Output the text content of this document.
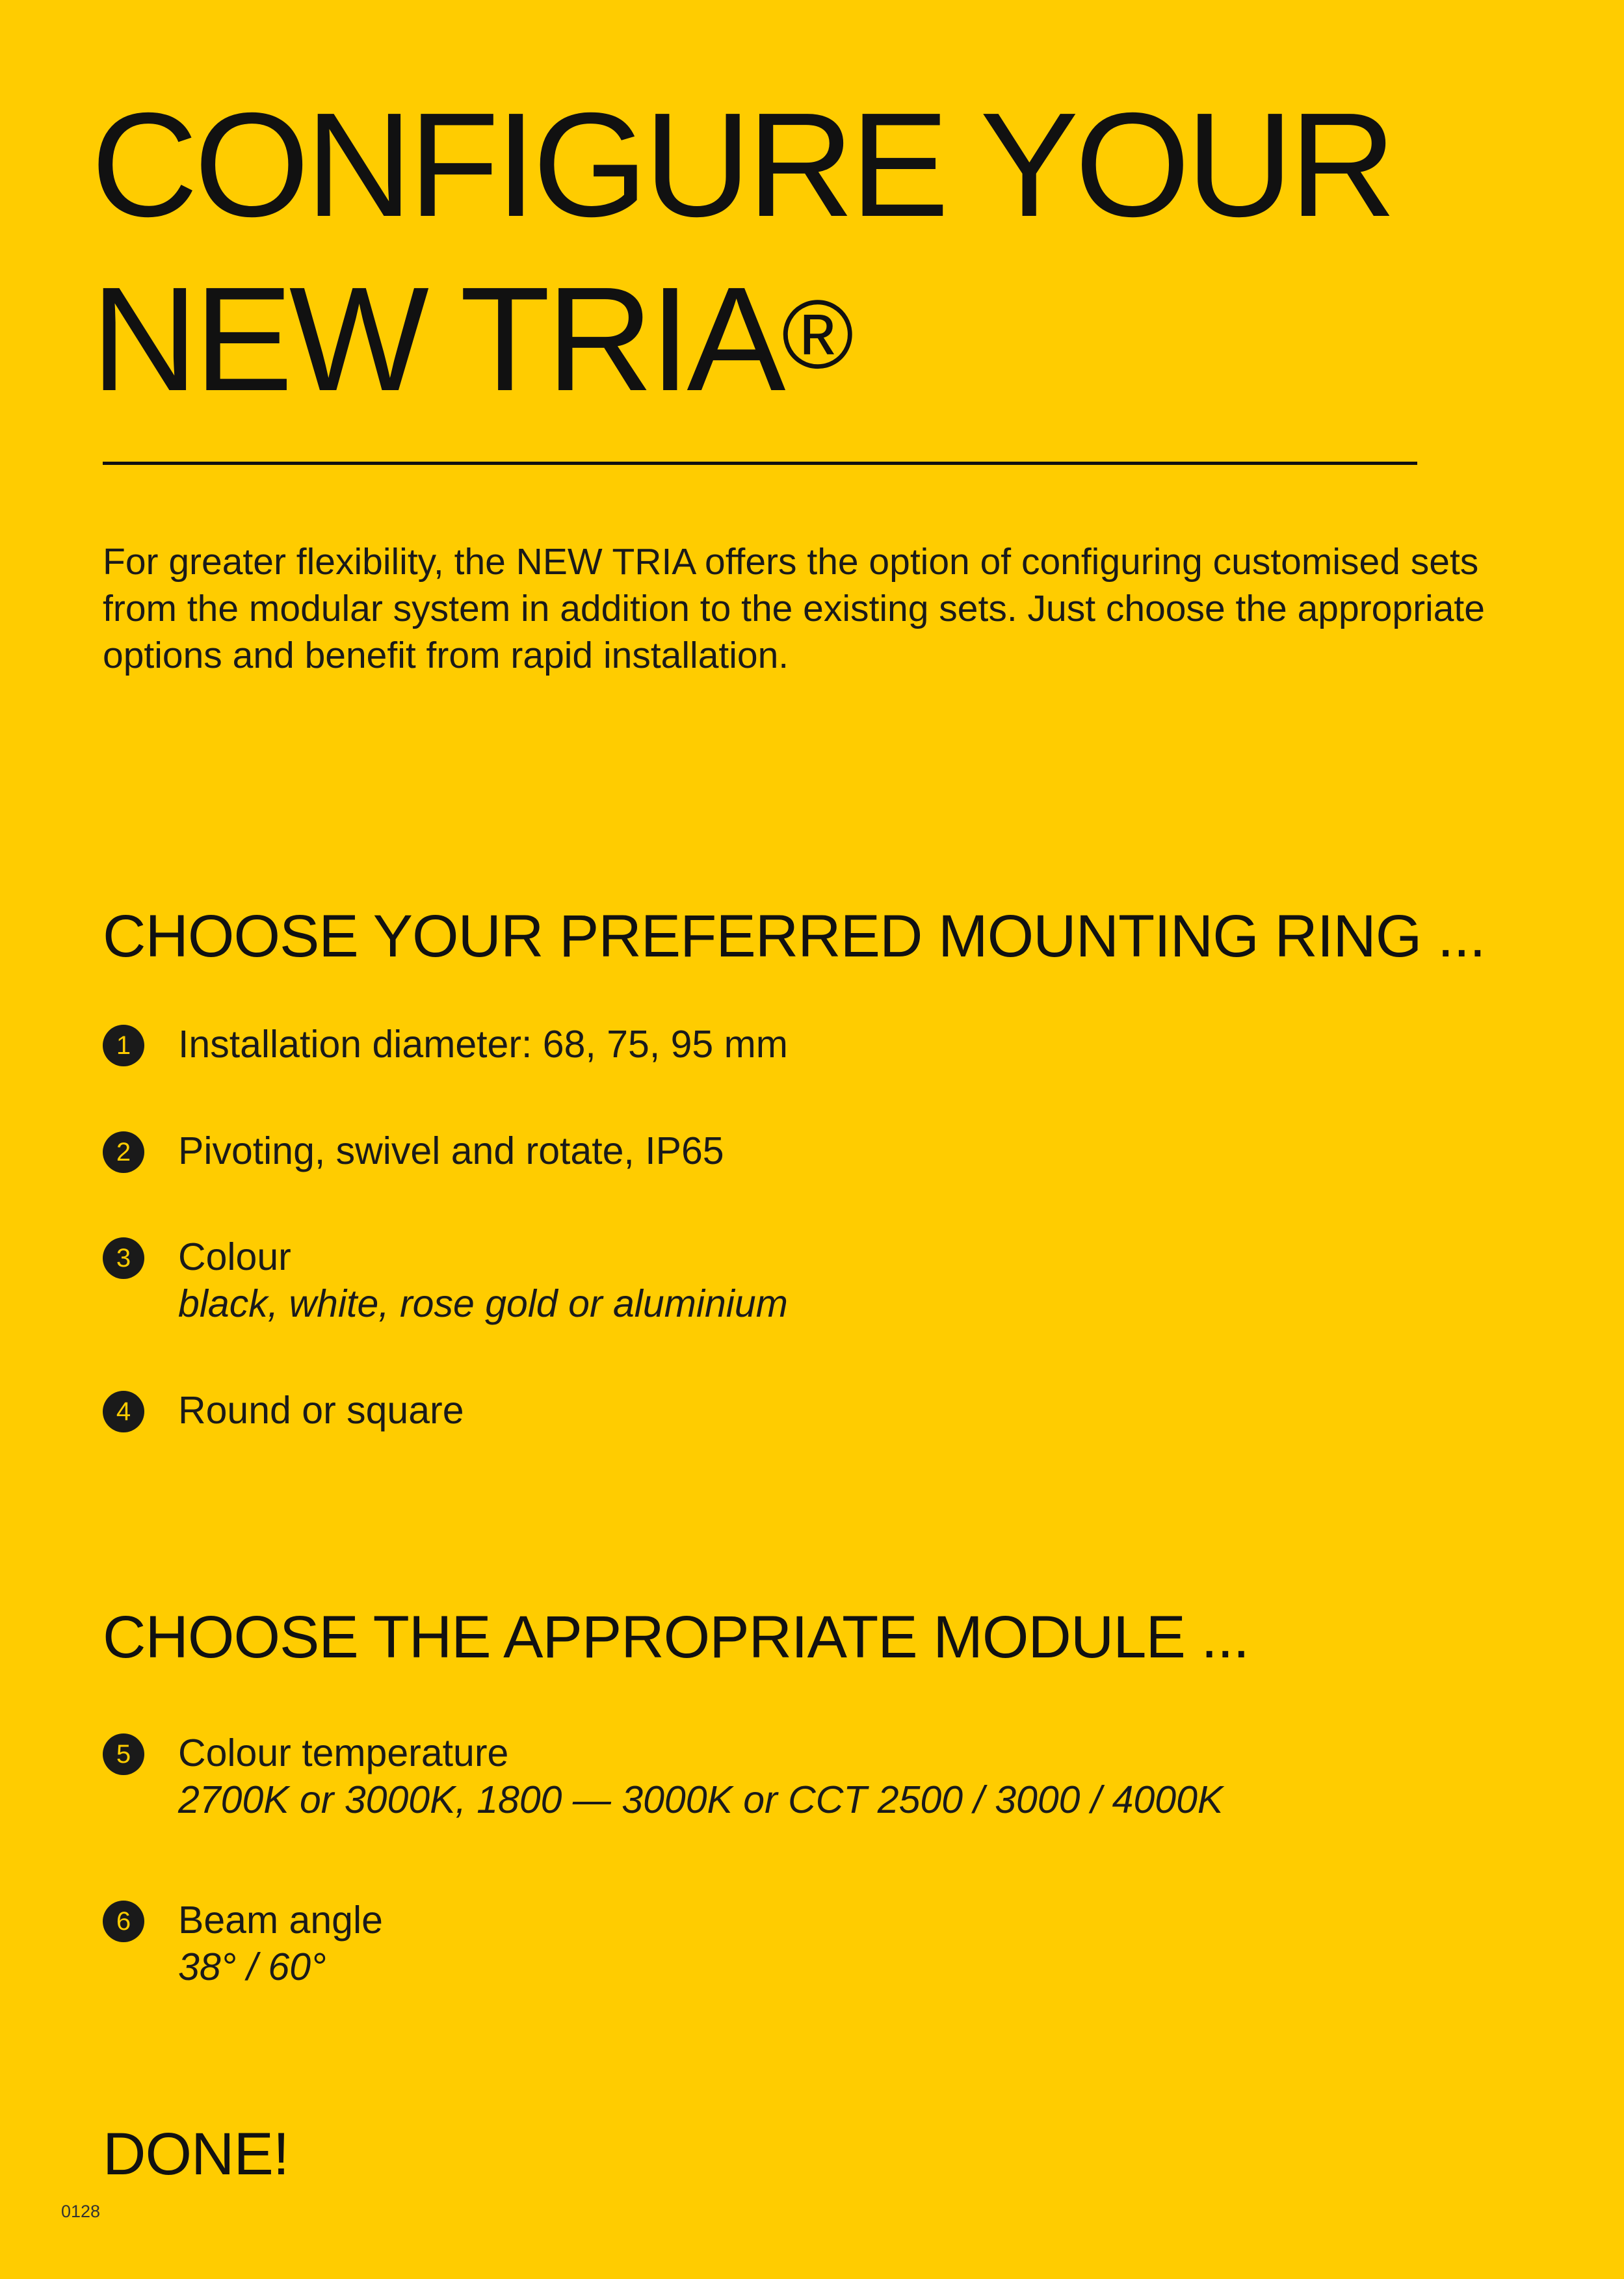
CONFIGURE YOUR
NEW TRIA®

For greater flexibility, the NEW TRIA offers the option of configuring customised sets from the modular system in addition to the existing sets. Just choose the appropriate options and benefit from rapid installation.

CHOOSE YOUR PREFERRED MOUNTING RING ...
1	Installation diameter: 68, 75, 95 mm
2	Pivoting, swivel and rotate, IP65
3	Colour
black, white, rose gold or aluminium
4	Round or square
CHOOSE THE APPROPRIATE MODULE ...
5	Colour temperature
2700K or 3000K, 1800 — 3000K or CCT 2500 / 3000 / 4000K
6	Beam angle
38° / 60°
DONE!
0128
